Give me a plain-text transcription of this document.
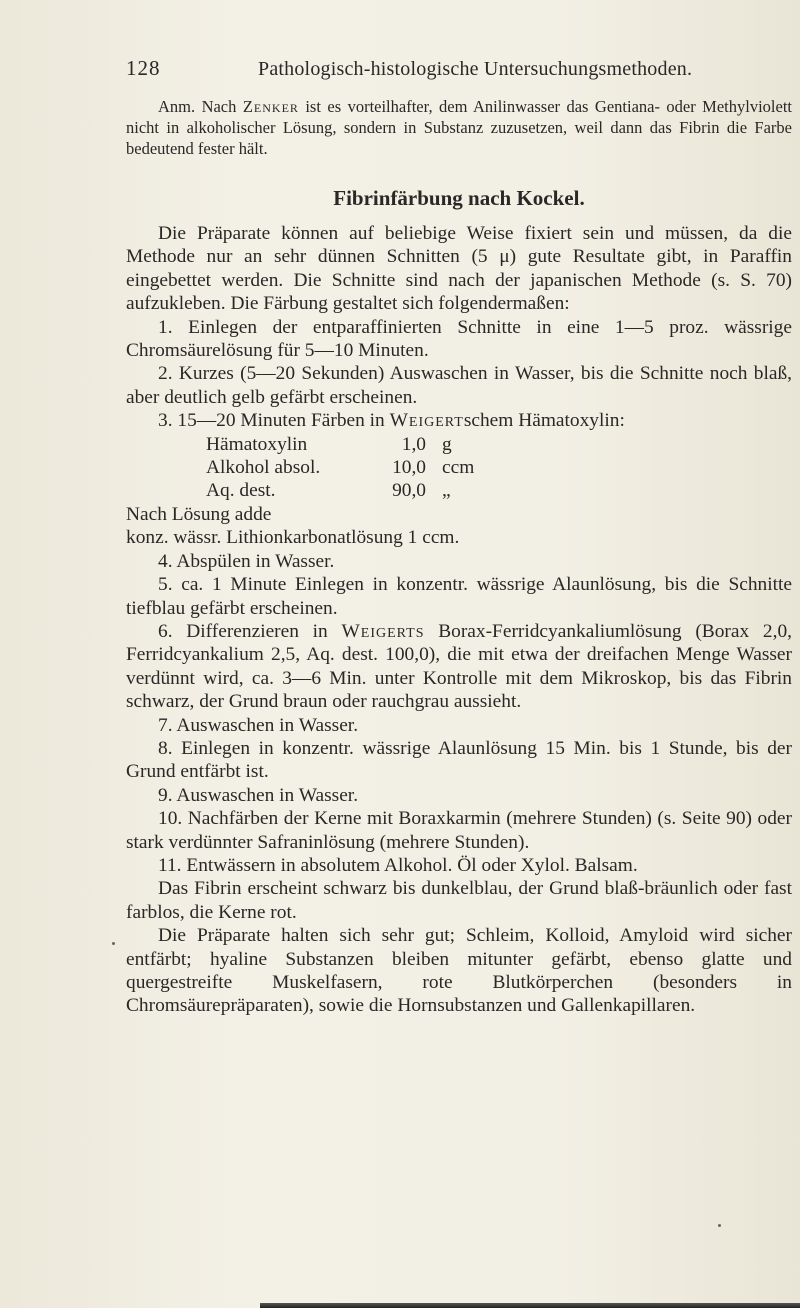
128	Pathologisch-histologische Untersuchungsmethoden.

Anm. Nach Zenker ist es vorteilhafter, dem Anilinwasser das Gentiana- oder Methylviolett nicht in alkoholischer Lösung, sondern in Substanz zuzusetzen, weil dann das Fibrin die Farbe bedeutend fester hält.

Fibrinfärbung nach Kockel.

Die Präparate können auf beliebige Weise fixiert sein und müssen, da die Methode nur an sehr dünnen Schnitten (5 μ) gute Resultate gibt, in Paraffin eingebettet werden. Die Schnitte sind nach der japanischen Methode (s. S. 70) aufzukleben. Die Färbung gestaltet sich folgendermaßen:

1. Einlegen der entparaffinierten Schnitte in eine 1—5 proz. wässrige Chromsäurelösung für 5—10 Minuten.

2. Kurzes (5—20 Sekunden) Auswaschen in Wasser, bis die Schnitte noch blaß, aber deutlich gelb gefärbt erscheinen.

3. 15—20 Minuten Färben in Weigertschem Hämatoxylin:

Hämatoxylin	1,0 g
Alkohol absol.	10,0 ccm
Aq. dest.	90,0 „

Nach Lösung adde

konz. wässr. Lithionkarbonatlösung 1 ccm.

4. Abspülen in Wasser.

5. ca. 1 Minute Einlegen in konzentr. wässrige Alaunlösung, bis die Schnitte tiefblau gefärbt erscheinen.

6. Differenzieren in Weigerts Borax-Ferridcyankaliumlösung (Borax 2,0, Ferridcyankalium 2,5, Aq. dest. 100,0), die mit etwa der dreifachen Menge Wasser verdünnt wird, ca. 3—6 Min. unter Kontrolle mit dem Mikroskop, bis das Fibrin schwarz, der Grund braun oder rauchgrau aussieht.

7. Auswaschen in Wasser.

8. Einlegen in konzentr. wässrige Alaunlösung 15 Min. bis 1 Stunde, bis der Grund entfärbt ist.

9. Auswaschen in Wasser.

10. Nachfärben der Kerne mit Boraxkarmin (mehrere Stunden) (s. Seite 90) oder stark verdünnter Safraninlösung (mehrere Stunden).

11. Entwässern in absolutem Alkohol. Öl oder Xylol. Balsam.

Das Fibrin erscheint schwarz bis dunkelblau, der Grund blaß-bräunlich oder fast farblos, die Kerne rot.

Die Präparate halten sich sehr gut; Schleim, Kolloid, Amyloid wird sicher entfärbt; hyaline Substanzen bleiben mitunter gefärbt, ebenso glatte und quergestreifte Muskelfasern, rote Blutkörperchen (besonders in Chromsäurepräparaten), sowie die Hornsubstanzen und Gallenkapillaren.
